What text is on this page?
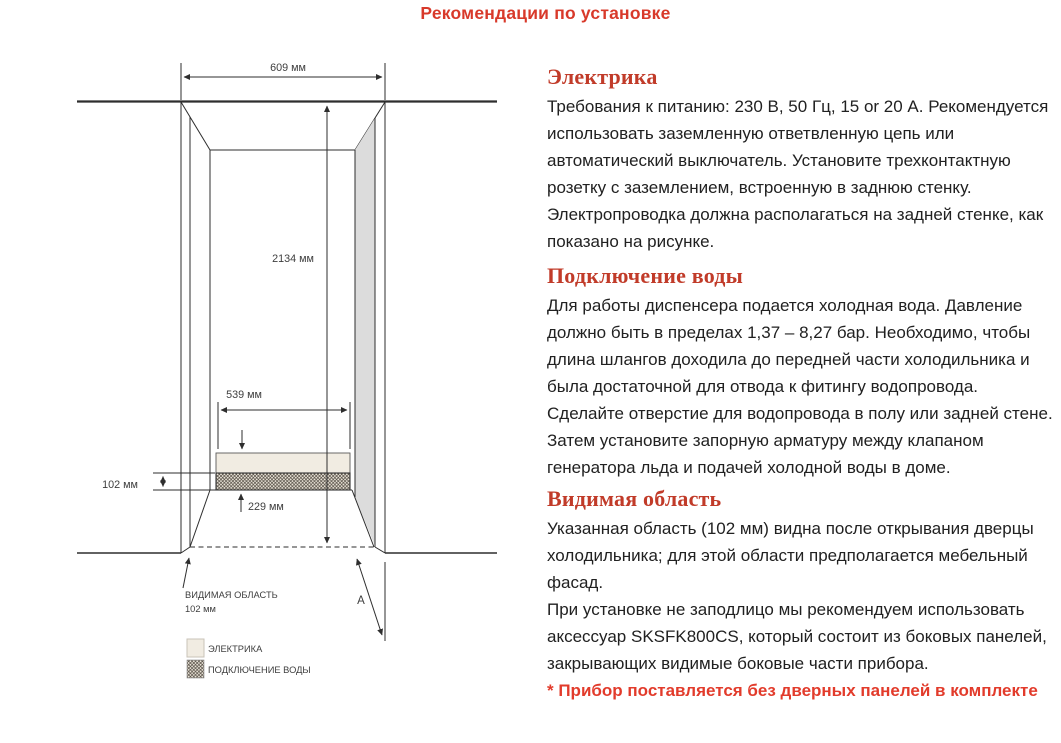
Рекомендации по установке
609 мм
2134 мм
539 мм
102 мм
229 мм
ВИДИМАЯ ОБЛАСТЬ
102 мм
A
ЭЛЕКТРИКА
ПОДКЛЮЧЕНИЕ ВОДЫ
Электрика

Требования к питанию: 230 В, 50 Гц, 15 or 20 А. Рекомендуется использовать заземленную ответвленную цепь или автоматический выключатель. Установите трехконтактную розетку с заземлением, встроенную в заднюю стенку. Электропроводка должна располагаться на задней стенке, как показано на рисунке.

Подключение воды

Для работы диспенсера подается холодная вода. Давление должно быть в пределах 1,37 – 8,27 бар. Необходимо, чтобы длина шлангов доходила до передней части холодильника и была достаточной для отвода к фитингу водопровода. Сделайте отверстие для водопровода в полу или задней стене. Затем установите запорную арматуру между клапаном генератора льда и подачей холодной воды в доме.

Видимая область

Указанная область (102 мм) видна после открывания дверцы холодильника; для этой области предполагается мебельный фасад.

При установке не заподлицо мы рекомендуем использовать аксессуар SKSFK800CS, который состоит из боковых панелей, закрывающих видимые боковые части прибора.

* Прибор поставляется без дверных панелей в комплекте
